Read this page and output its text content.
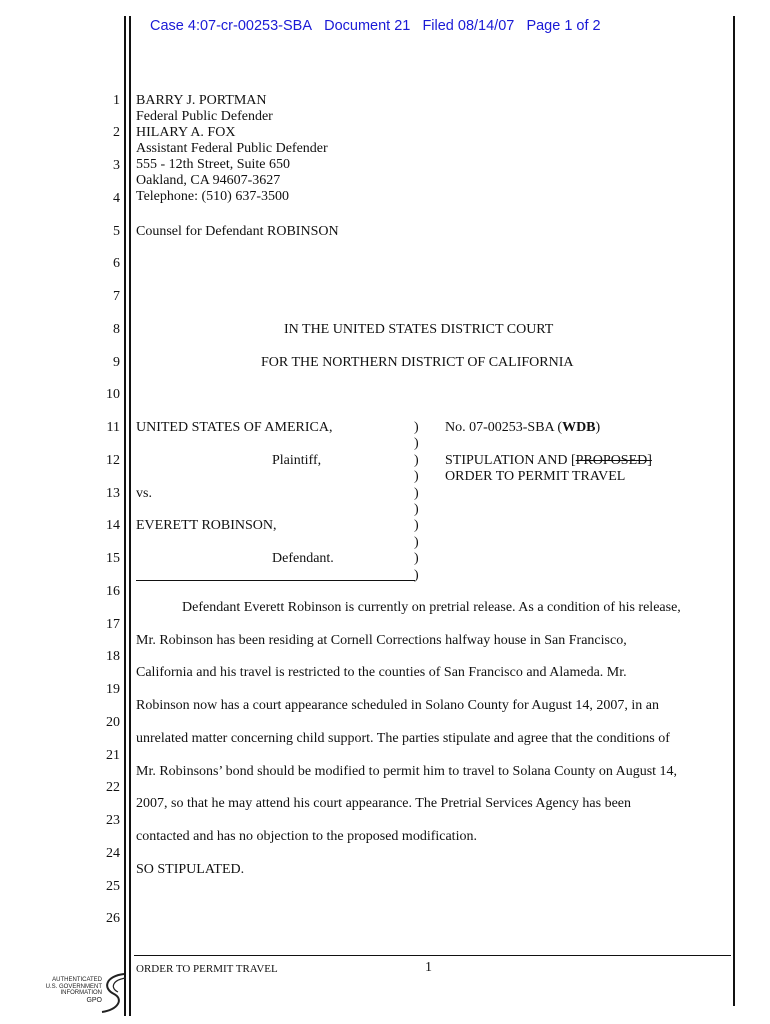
Case 4:07-cr-00253-SBA Document 21 Filed 08/14/07 Page 1 of 2
1
2
3
4
5
6
7
8
9
10
11
12
13
14
15
16
17
18
19
20
21
22
23
24
25
26
BARRY J. PORTMAN
Federal Public Defender
HILARY A. FOX
Assistant Federal Public Defender
555 - 12th Street, Suite 650
Oakland, CA 94607-3627
Telephone: (510) 637-3500
Counsel for Defendant ROBINSON
IN THE UNITED STATES DISTRICT COURT
FOR THE NORTHERN DISTRICT OF CALIFORNIA
UNITED STATES OF AMERICA,
Plaintiff,
vs.
EVERETT ROBINSON,
Defendant.
)
)
)
)
)
)
)
)
)
)
No. 07-00253-SBA (WDB)
STIPULATION AND [PROPOSED]
ORDER TO PERMIT TRAVEL
Defendant Everett Robinson is currently on pretrial release. As a condition of his release,
Mr. Robinson has been residing at Cornell Corrections halfway house in San Francisco,
California and his travel is restricted to the counties of San Francisco and Alameda. Mr.
Robinson now has a court appearance scheduled in Solano County for August 14, 2007, in an
unrelated matter concerning child support. The parties stipulate and agree that the conditions of
Mr. Robinsons’ bond should be modified to permit him to travel to Solana County on August 14,
2007, so that he may attend his court appearance. The Pretrial Services Agency has been
contacted and has no objection to the proposed modification.
SO STIPULATED.
ORDER TO PERMIT TRAVEL	1
AUTHENTICATED
U.S. GOVERNMENT
INFORMATION
GPO
